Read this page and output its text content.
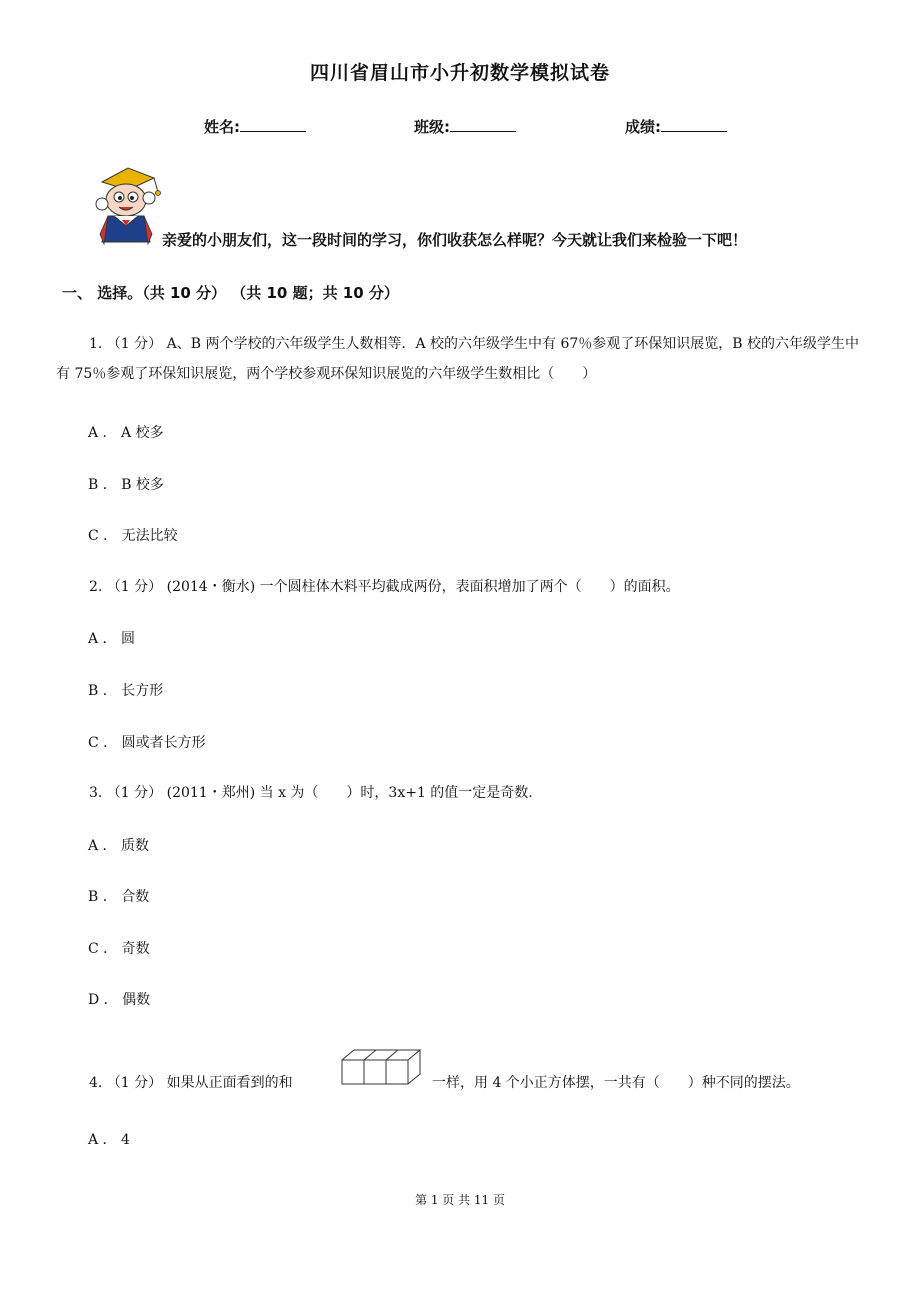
四川省眉山市小升初数学模拟试卷
姓名:	班级:	成绩:
亲爱的小朋友们，这一段时间的学习，你们收获怎么样呢？今天就让我们来检验一下吧！
一、 选择。（共 10 分） （共 10 题；共 10 分）
1. （1 分） A、B 两个学校的六年级学生人数相等．A 校的六年级学生中有 67％参观了环保知识展览，B 校的六年级学生中有 75％参观了环保知识展览，两个学校参观环保知识展览的六年级学生数相比（　　）
A ． A 校多
B ． B 校多
C ． 无法比较
2. （1 分） (2014・衡水) 一个圆柱体木料平均截成两份，表面积增加了两个（　　）的面积。
A ． 圆
B ． 长方形
C ． 圆或者长方形
3. （1 分） (2011・郑州) 当 x 为（　　）时，3x+1 的值一定是奇数.
A ． 质数
B ． 合数
C ． 奇数
D ． 偶数
4. （1 分） 如果从正面看到的和	一样，用 4 个小正方体摆，一共有（　　）种不同的摆法。
A ． 4
第 1 页 共 11 页
